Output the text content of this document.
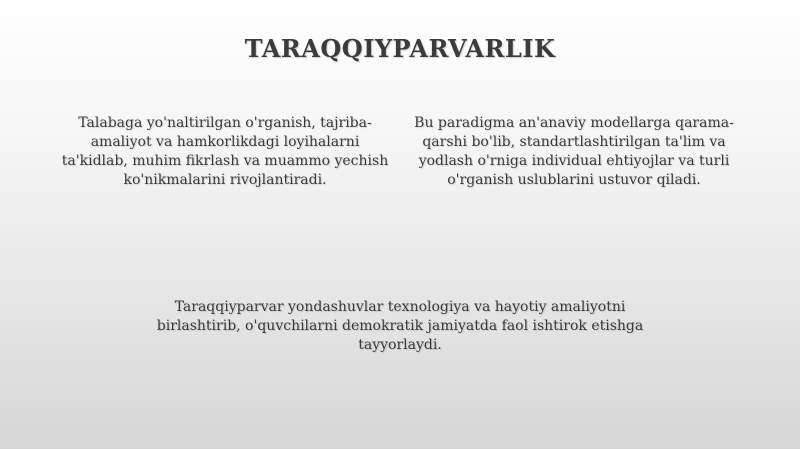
TARAQQIYPARVARLIK
Talabaga yo'naltirilgan o'rganish, tajriba-amaliyot va hamkorlikdagi loyihalarni ta'kidlab, muhim fikrlash va muammo yechish ko'nikmalarini rivojlantiradi.
Bu paradigma an'anaviy modellarga qarama-qarshi bo'lib, standartlashtirilgan ta'lim va yodlash o'rniga individual ehtiyojlar va turli o'rganish uslublarini ustuvor qiladi.
Taraqqiyparvar yondashuvlar texnologiya va hayotiy amaliyotni birlashtirib, o'quvchilarni demokratik jamiyatda faol ishtirok etishga tayyorlaydi.
